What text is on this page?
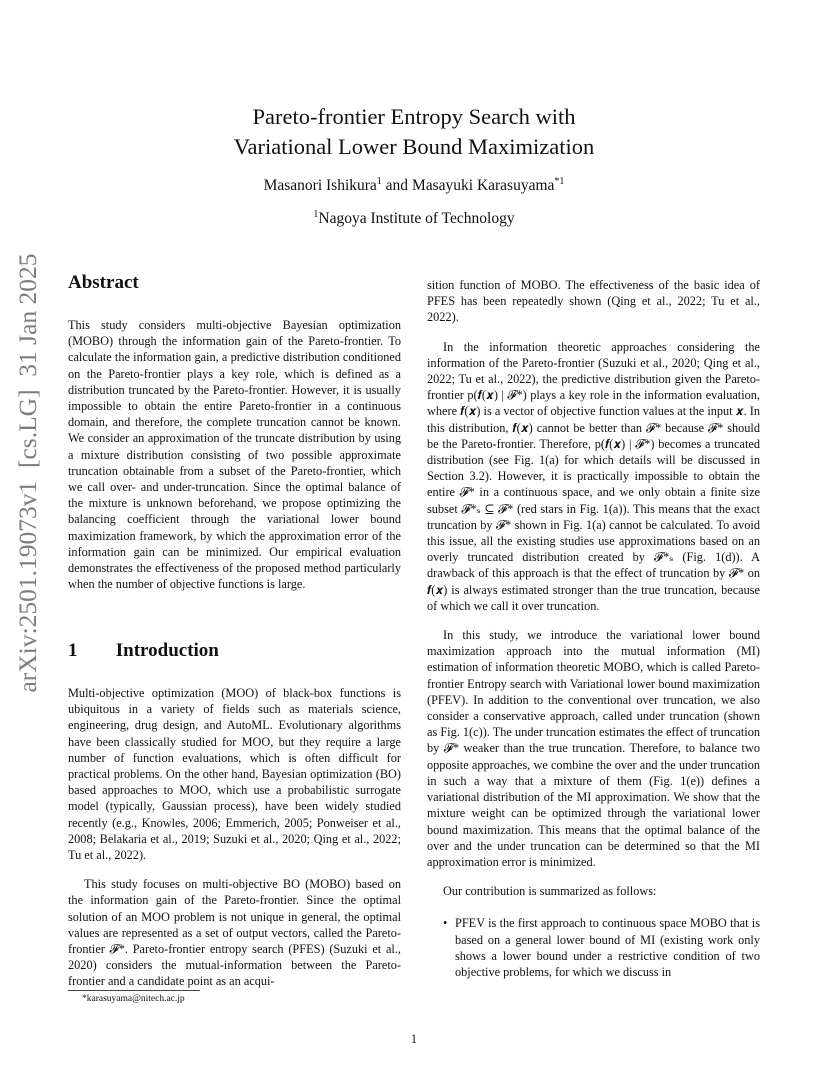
Pareto-frontier Entropy Search with
Variational Lower Bound Maximization
Masanori Ishikura$^1$ and Masayuki Karasuyama$^{*1}$
$^1$Nagoya Institute of Technology
arXiv:2501.19073v1  [cs.LG]  31 Jan 2025 Abstract

This study considers multi-objective Bayesian optimization (MOBO) through the information gain of the Pareto-frontier. To calculate the information gain, a predictive distribution conditioned on the Pareto-frontier plays a key role, which is defined as a distribution truncated by the Pareto-frontier. However, it is usually impossible to obtain the entire Pareto-frontier in a continuous domain, and therefore, the complete truncation cannot be known. We consider an approximation of the truncate distribution by using a mixture distribution consisting of two possible approximate truncation obtainable from a subset of the Pareto-frontier, which we call over- and under-truncation. Since the optimal balance of the mixture is unknown beforehand, we propose optimizing the balancing coefficient through the variational lower bound maximization framework, by which the approximation error of the information gain can be minimized. Our empirical evaluation demonstrates the effectiveness of the proposed method particularly when the number of objective functions is large.

1   Introduction

Multi-objective optimization (MOO) of black-box functions is ubiquitous in a variety of fields such as materials science, engineering, drug design, and AutoML. Evolutionary algorithms have been classically studied for MOO, but they require a large number of function evaluations, which is often difficult for practical problems. On the other hand, Bayesian optimization (BO) based approaches to MOO, which use a probabilistic surrogate model (typically, Gaussian process), have been widely studied recently (e.g., Knowles, 2006; Emmerich, 2005; Ponweiser et al., 2008; Belakaria et al., 2019; Suzuki et al., 2020; Qing et al., 2022; Tu et al., 2022).

This study focuses on multi-objective BO (MOBO) based on the information gain of the Pareto-frontier. Since the optimal solution of an MOO problem is not unique in general, the optimal values are represented as a set of output vectors, called the Pareto-frontier 𝓕*. Pareto-frontier entropy search (PFES) (Suzuki et al., 2020) considers the mutual-information between the Pareto-frontier and a candidate point as an acqui-

sition function of MOBO. The effectiveness of the basic idea of PFES has been repeatedly shown (Qing et al., 2022; Tu et al., 2022).

In the information theoretic approaches considering the information of the Pareto-frontier (Suzuki et al., 2020; Qing et al., 2022; Tu et al., 2022), the predictive distribution given the Pareto-frontier p(𝒇(𝒙) | 𝓕*) plays a key role in the information evaluation, where 𝒇(𝒙) is a vector of objective function values at the input 𝒙. In this distribution, 𝒇(𝒙) cannot be better than 𝓕* because 𝓕* should be the Pareto-frontier. Therefore, p(𝒇(𝒙) | 𝓕*) becomes a truncated distribution (see Fig. 1(a) for which details will be discussed in Section 3.2). However, it is practically impossible to obtain the entire 𝓕* in a continuous space, and we only obtain a finite size subset 𝓕*ₛ ⊆ 𝓕* (red stars in Fig. 1(a)). This means that the exact truncation by 𝓕* shown in Fig. 1(a) cannot be calculated. To avoid this issue, all the existing studies use approximations based on an overly truncated distribution created by 𝓕*ₛ (Fig. 1(d)). A drawback of this approach is that the effect of truncation by 𝓕* on 𝒇(𝒙) is always estimated stronger than the true truncation, because of which we call it over truncation.

In this study, we introduce the variational lower bound maximization approach into the mutual information (MI) estimation of information theoretic MOBO, which is called Pareto-frontier Entropy search with Variational lower bound maximization (PFEV). In addition to the conventional over truncation, we also consider a conservative approach, called under truncation (shown as Fig. 1(c)). The under truncation estimates the effect of truncation by 𝓕* weaker than the true truncation. Therefore, to balance two opposite approaches, we combine the over and the under truncation in such a way that a mixture of them (Fig. 1(e)) defines a variational distribution of the MI approximation. We show that the mixture weight can be optimized through the variational lower bound maximization. This means that the optimal balance of the over and the under truncation can be determined so that the MI approximation error is minimized.

Our contribution is summarized as follows:

• PFEV is the first approach to continuous space MOBO that is based on a general lower bound of MI (existing work only shows a lower bound under a restrictive condition of two objective problems, for which we discuss in
*karasuyama@nitech.ac.jp
1
